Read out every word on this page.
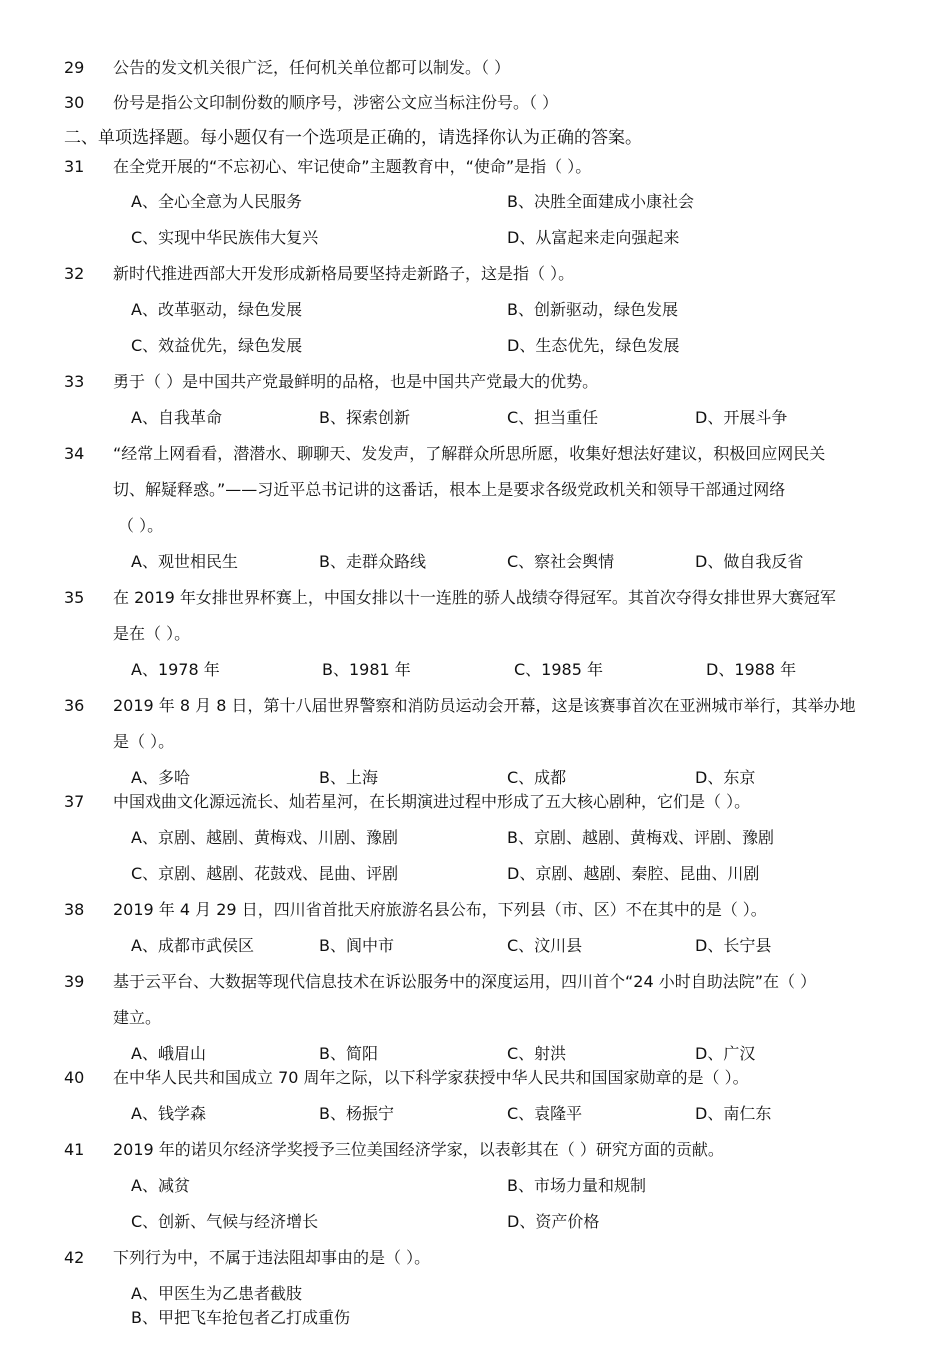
29	公告的发文机关很广泛，任何机关单位都可以制发。（ ）
30	份号是指公文印制份数的顺序号，涉密公文应当标注份号。（ ）
二、单项选择题。每小题仅有一个选项是正确的，请选择你认为正确的答案。
31	在全党开展的“不忘初心、牢记使命”主题教育中，“使命”是指（ ）。
A、全心全意为人民服务	B、决胜全面建成小康社会
C、实现中华民族伟大复兴	D、从富起来走向强起来
32	新时代推进西部大开发形成新格局要坚持走新路子，这是指（ ）。
A、改革驱动，绿色发展	B、创新驱动，绿色发展
C、效益优先，绿色发展	D、生态优先，绿色发展
33	勇于（ ）是中国共产党最鲜明的品格，也是中国共产党最大的优势。
A、自我革命	B、探索创新	C、担当重任	D、开展斗争
34	“经常上网看看，潜潜水、聊聊天、发发声，了解群众所思所愿，收集好想法好建议，积极回应网民关
切、解疑释惑。”——习近平总书记讲的这番话，根本上是要求各级党政机关和领导干部通过网络
（ ）。
A、观世相民生	B、走群众路线	C、察社会舆情	D、做自我反省
35	在 2019 年女排世界杯赛上，中国女排以十一连胜的骄人战绩夺得冠军。其首次夺得女排世界大赛冠军
是在（ ）。
A、1978 年	B、1981 年	C、1985 年	D、1988 年
36	2019 年 8 月 8 日，第十八届世界警察和消防员运动会开幕，这是该赛事首次在亚洲城市举行，其举办地
是（ ）。
A、多哈	B、上海	C、成都	D、东京
37	中国戏曲文化源远流长、灿若星河，在长期演进过程中形成了五大核心剧种，它们是（ ）。
A、京剧、越剧、黄梅戏、川剧、豫剧	B、京剧、越剧、黄梅戏、评剧、豫剧
C、京剧、越剧、花鼓戏、昆曲、评剧	D、京剧、越剧、秦腔、昆曲、川剧
38	2019 年 4 月 29 日，四川省首批天府旅游名县公布，下列县（市、区）不在其中的是（ ）。
A、成都市武侯区	B、阆中市	C、汶川县	D、长宁县
39	基于云平台、大数据等现代信息技术在诉讼服务中的深度运用，四川首个“24 小时自助法院”在（ ）
建立。
A、峨眉山	B、简阳	C、射洪	D、广汉
40	在中华人民共和国成立 70 周年之际，以下科学家获授中华人民共和国国家勋章的是（ ）。
A、钱学森	B、杨振宁	C、袁隆平	D、南仁东
41	2019 年的诺贝尔经济学奖授予三位美国经济学家，以表彰其在（ ）研究方面的贡献。
A、减贫	B、市场力量和规制
C、创新、气候与经济增长	D、资产价格
42	下列行为中，不属于违法阻却事由的是（ ）。
A、甲医生为乙患者截肢
B、甲把飞车抢包者乙打成重伤
